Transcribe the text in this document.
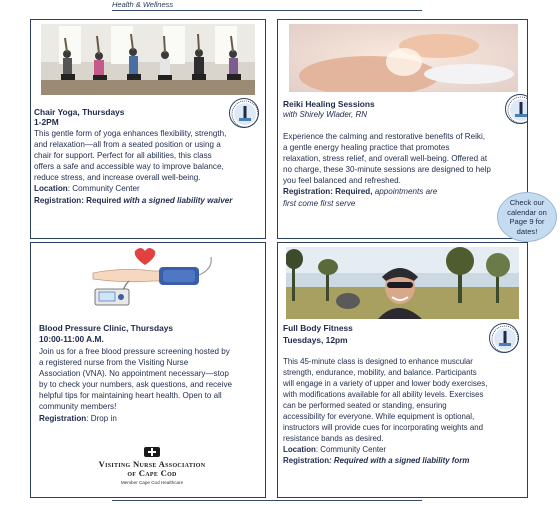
Health & Wellness
Chair Yoga, Thursdays
1-2PM
This gentle form of yoga enhances flexibility, strength,
and relaxation—all from a seated position or using a
chair for support. Perfect for all abilities, this class
offers a safe and accessible way to improve balance,
reduce stress, and increase overall well-being.
Location: Community Center
Registration: Required with a signed liability waiver
Reiki Healing Sessions
with Shirely Wlader, RN
Experience the calming and restorative benefits of Reiki,
a gentle energy healing practice that promotes
relaxation, stress relief, and overall well-being. Offered at
no charge, these 30-minute sessions are designed to help
you feel balanced and refreshed.
Registration: Required, appointments are
first come first serve
Blood Pressure Clinic, Thursdays
10:00-11:00 A.M.
Join us for a free blood pressure screening hosted by
a registered nurse from the Visiting Nurse
Association (VNA). No appointment necessary—stop
by to check your numbers, ask questions, and receive
helpful tips for maintaining heart health. Open to all
community members!
Registration: Drop in
Visiting Nurse Association
of Cape Cod
Member Cape Cod Healthcare
Full Body Fitness
Tuesdays, 12pm
This 45-minute class is designed to enhance muscular
strength, endurance, mobility, and balance. Participants
will engage in a variety of upper and lower body exercises,
with modifications available for all ability levels. Exercises
can be performed seated or standing, ensuring
accessibility for everyone. While equipment is optional,
instructors will provide cues for incorporating weights and
resistance bands as desired.
Location: Community Center
Registration: Required with a signed liability form
Check our
calendar on
Page 9 for
dates!
